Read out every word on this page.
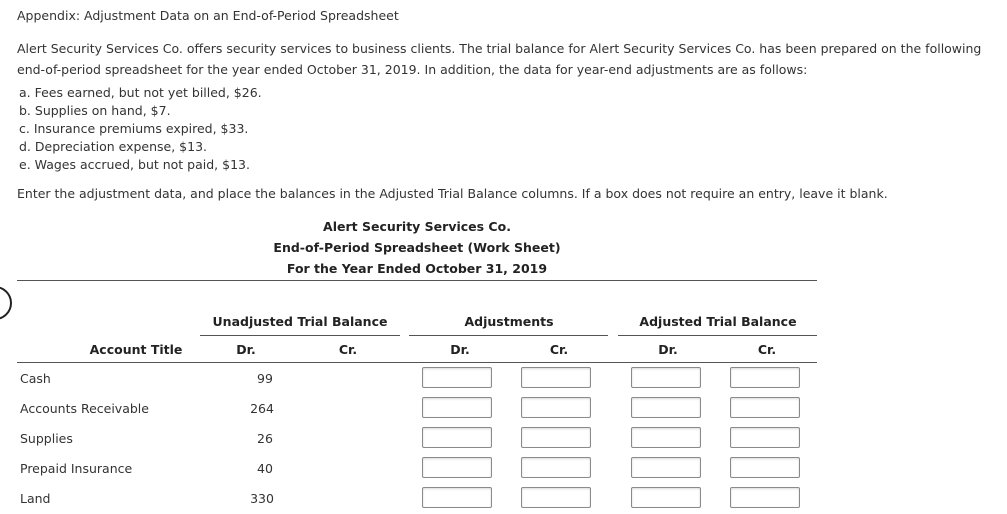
Appendix: Adjustment Data on an End-of-Period Spreadsheet
Alert Security Services Co. offers security services to business clients. The trial balance for Alert Security Services Co. has been prepared on the following end-of-period spreadsheet for the year ended October 31, 2019. In addition, the data for year-end adjustments are as follows:
a. Fees earned, but not yet billed, $26.
b. Supplies on hand, $7.
c. Insurance premiums expired, $33.
d. Depreciation expense, $13.
e. Wages accrued, but not paid, $13.
Enter the adjustment data, and place the balances in the Adjusted Trial Balance columns. If a box does not require an entry, leave it blank.
Alert Security Services Co.
End-of-Period Spreadsheet (Work Sheet)
For the Year Ended October 31, 2019
Unadjusted Trial Balance	Adjustments	Adjusted Trial Balance
Account Title	Dr.	Cr.	Dr.	Cr.	Dr.	Cr.
Cash	99
Accounts Receivable	264
Supplies	26
Prepaid Insurance	40
Land	330
